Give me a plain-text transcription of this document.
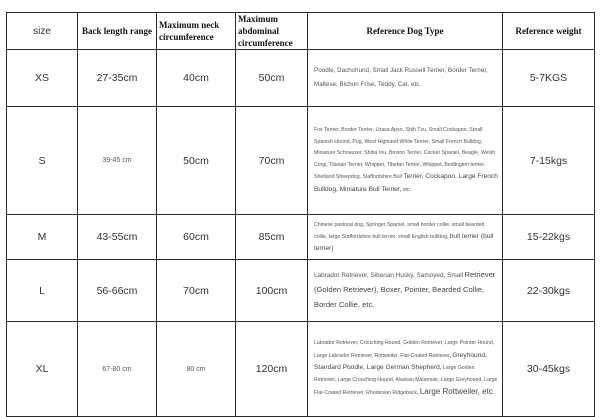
size	Back length range	Maximum neck circumference	Maximum abdominal circumference	Reference Dog Type	Reference weight
XS	27-35cm	40cm	50cm	Poodle, Dachshund, Small Jack Russell Terrier, Border Terrier, Maltese, Bichon Frise, Teddy, Cat, etc.	5-7KGS
S	39-45 cm	50cm	70cm	Fox Terrier, Border Terrier, Lhasa Apso, Shih Tzu, Small Cockapoo, Small Spanish Hound, Pug, West Highland White Terrier, Small French Bulldog, Miniature Schnauzer, Shiba Inu, Boston Terrier, Cocker Spaniel, Beagle, Welsh Corgi, Tibetan Terrier, Whippet, Tibetan Terrier, Whippet, Bedlington terrier, Shetland Sheepdog, Staffordshire Bull Terrier, Cockapoo, Large French Bulldog, Miniature Bull Terrier, etc.	7-15kgs
M	43-55cm	60cm	85cm	Chinese pastoral dog, Springer Spaniel, small border collie, small bearded collie, large Staffordshire bull terrier, small English bulldog, bull terrier (bull terrier)	15-22kgs
L	56-66cm	70cm	100cm	Labrador Retriever, Siberian Husky, Samoyed, Small Retriever (Golden Retriever), Boxer, Pointer, Bearded Collie, Border Collie, etc.	22-30kgs
XL	67-80 cm	80 cm	120cm	Labrador Retriever, Crouching Hound, Golden Retriever, Large Pointer Hound, Large Labrador Retriever, Rottweiler, Flat-Coated Retriever, Greyhound, Standard Poodle, Large German Shepherd, Large Golden Retriever, Large Crouching Hound, Alaskan Malamute, Large Greyhound, Large Flat-Coated Retriever, Rhodesian Ridgeback, Large Rottweiler, etc.	30-45kgs
